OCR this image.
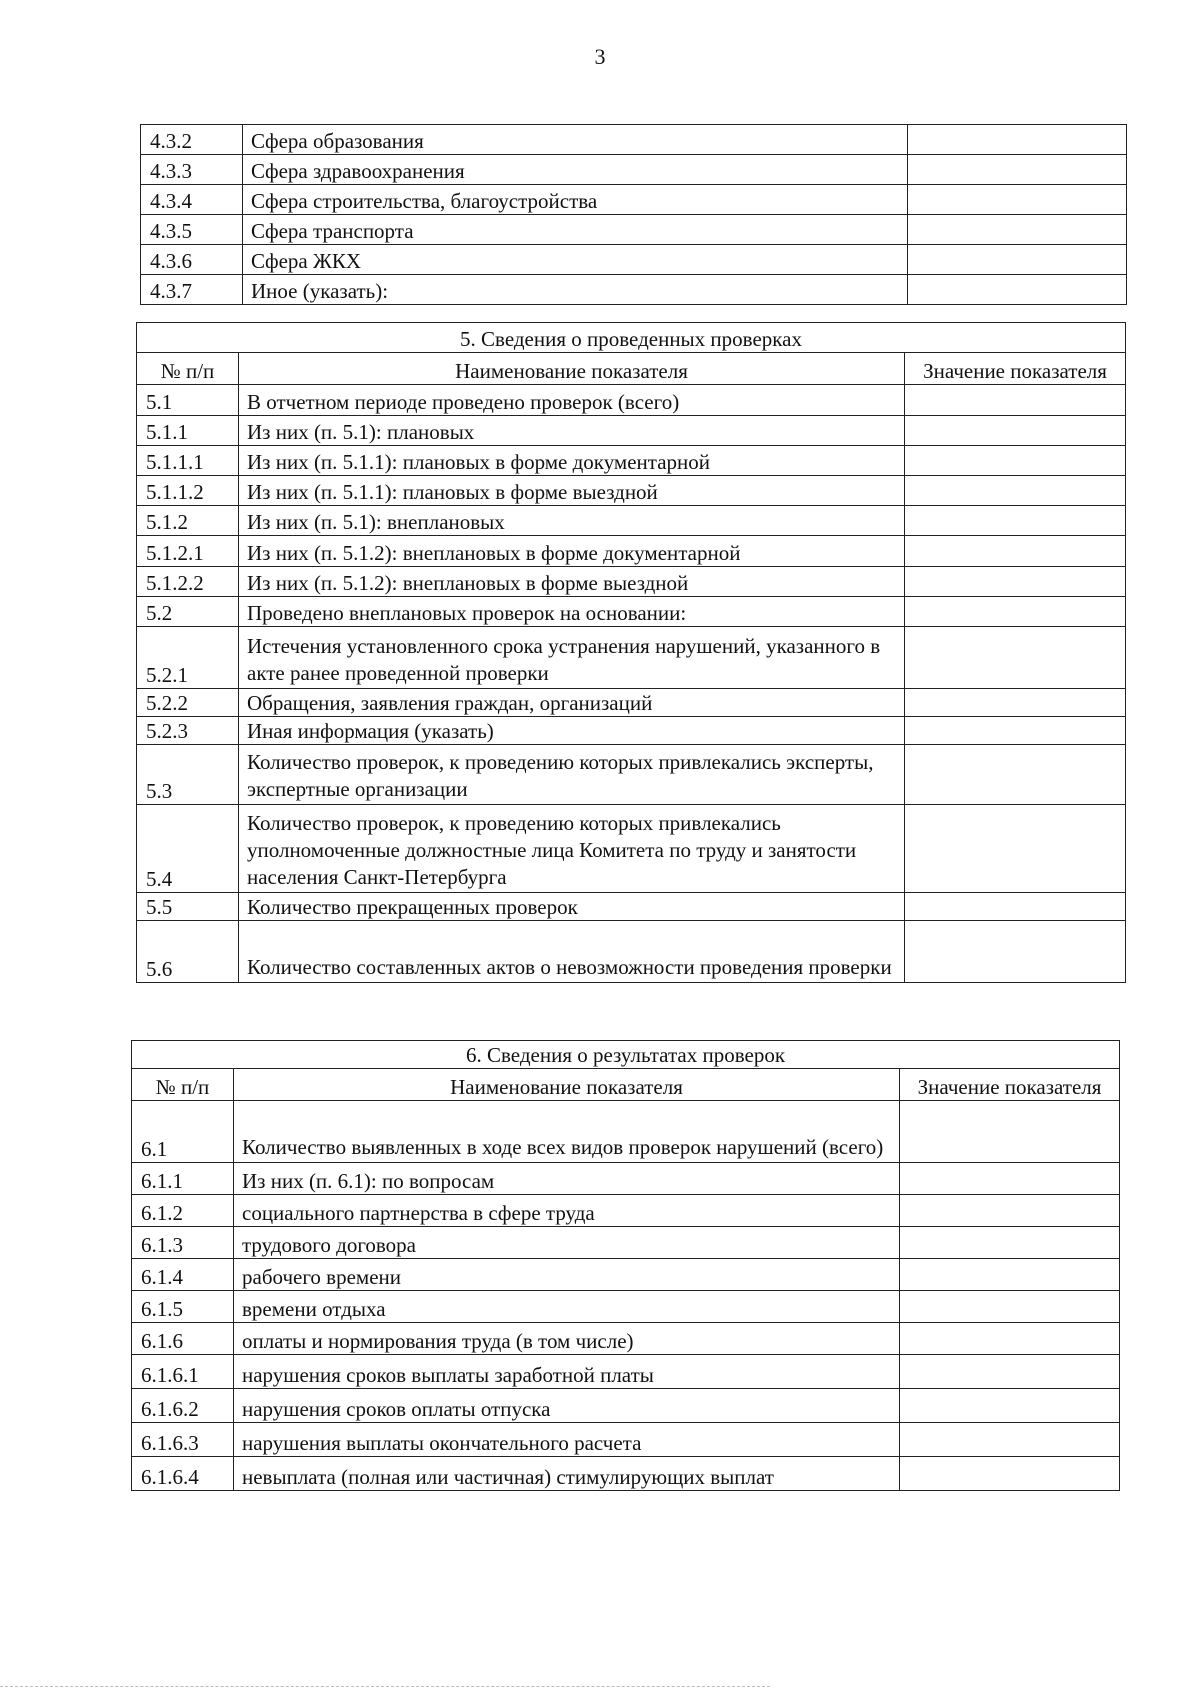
3
4.3.2	Сфера образования	
4.3.3	Сфера здравоохранения	
4.3.4	Сфера строительства, благоустройства	
4.3.5	Сфера транспорта	
4.3.6	Сфера ЖКХ	
4.3.7	Иное (указать):	
5. Сведения о проведенных проверках		
№ п/п	Наименование показателя	Значение показателя
5.1	В отчетном периоде проведено проверок (всего)	
5.1.1	Из них (п. 5.1): плановых	
5.1.1.1	Из них (п. 5.1.1): плановых в форме документарной	
5.1.1.2	Из них (п. 5.1.1): плановых в форме выездной	
5.1.2	Из них (п. 5.1): внеплановых	
5.1.2.1	Из них (п. 5.1.2): внеплановых в форме документарной	
5.1.2.2	Из них (п. 5.1.2): внеплановых в форме выездной	
5.2	Проведено внеплановых проверок на основании:	
5.2.1	Истечения установленного срока устранения нарушений, указанного в акте ранее проведенной проверки	
5.2.2	Обращения, заявления граждан, организаций	
5.2.3	Иная информация (указать)	
5.3	Количество проверок, к проведению которых привлекались эксперты, экспертные организации	
5.4	Количество проверок, к проведению которых привлекались уполномоченные должностные лица Комитета по труду и занятости населения Санкт-Петербурга	
5.5	Количество прекращенных проверок	
5.6	Количество составленных актов о невозможности проведения проверки	
6. Сведения о результатах проверок		
№ п/п	Наименование показателя	Значение показателя
6.1	Количество выявленных в ходе всех видов проверок нарушений (всего)	
6.1.1	Из них (п. 6.1): по вопросам	
6.1.2	социального партнерства в сфере труда	
6.1.3	трудового договора	
6.1.4	рабочего времени	
6.1.5	времени отдыха	
6.1.6	оплаты и нормирования труда (в том числе)	
6.1.6.1	нарушения сроков выплаты заработной платы	
6.1.6.2	нарушения сроков оплаты отпуска	
6.1.6.3	нарушения выплаты окончательного расчета	
6.1.6.4	невыплата (полная или частичная) стимулирующих выплат	
